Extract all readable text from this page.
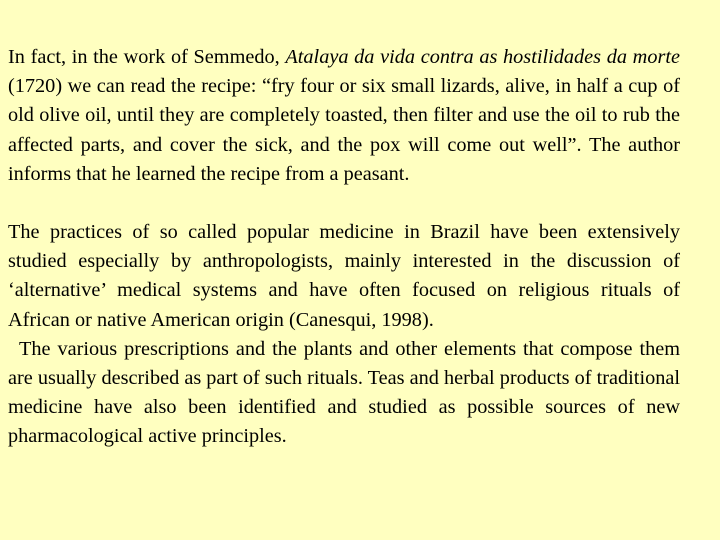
In fact, in the work of Semmedo, Atalaya da vida contra as hostilidades da morte (1720) we can read the recipe: “fry four or six small lizards, alive, in half a cup of old olive oil, until they are completely toasted, then filter and use the oil to rub the affected parts, and cover the sick, and the pox will come out well”. The author informs that he learned the recipe from a peasant.

The practices of so called popular medicine in Brazil have been extensively studied especially by anthropologists, mainly interested in the discussion of ‘alternative’ medical systems and have often focused on religious rituals of African or native American origin (Canesqui, 1998).

The various prescriptions and the plants and other elements that compose them are usually described as part of such rituals. Teas and herbal products of traditional medicine have also been identified and studied as possible sources of new pharmacological active principles.
